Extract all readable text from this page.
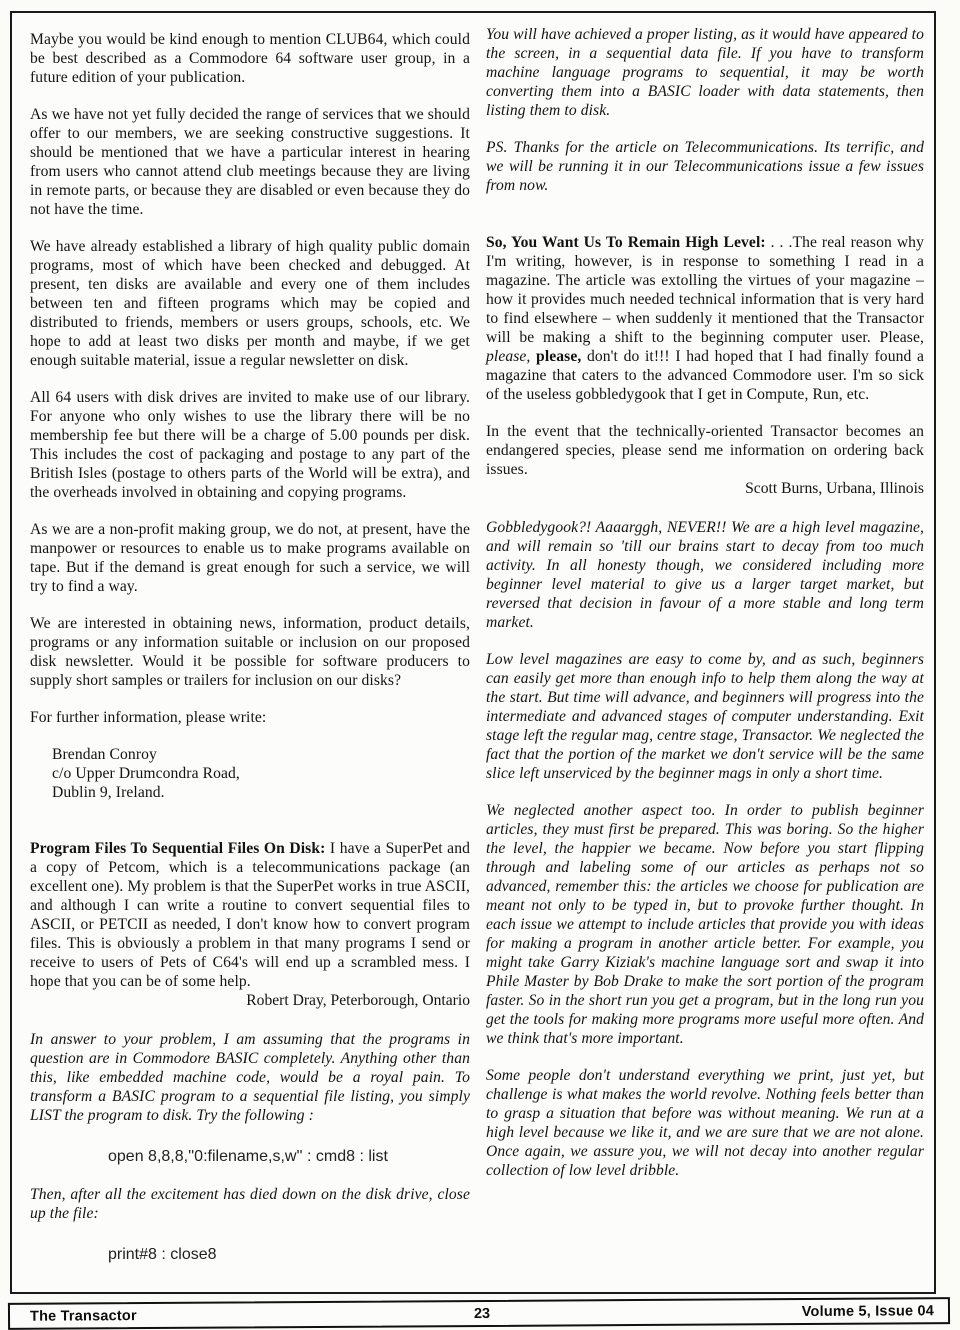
Maybe you would be kind enough to mention CLUB64, which could be best described as a Commodore 64 software user group, in a future edition of your publication.

As we have not yet fully decided the range of services that we should offer to our members, we are seeking constructive suggestions. It should be mentioned that we have a particular interest in hearing from users who cannot attend club meetings because they are living in remote parts, or because they are disabled or even because they do not have the time.

We have already established a library of high quality public domain programs, most of which have been checked and debugged. At present, ten disks are available and every one of them includes between ten and fifteen programs which may be copied and distributed to friends, members or users groups, schools, etc. We hope to add at least two disks per month and maybe, if we get enough suitable material, issue a regular newsletter on disk.

All 64 users with disk drives are invited to make use of our library. For anyone who only wishes to use the library there will be no membership fee but there will be a charge of 5.00 pounds per disk. This includes the cost of packaging and postage to any part of the British Isles (postage to others parts of the World will be extra), and the overheads involved in obtaining and copying programs.

As we are a non-profit making group, we do not, at present, have the manpower or resources to enable us to make programs available on tape. But if the demand is great enough for such a service, we will try to find a way.

We are interested in obtaining news, information, product details, programs or any information suitable or inclusion on our proposed disk newsletter. Would it be possible for software producers to supply short samples or trailers for inclusion on our disks?

For further information, please write:

Brendan Conroy
c/o Upper Drumcondra Road,
Dublin 9, Ireland.

Program Files To Sequential Files On Disk: I have a SuperPet and a copy of Petcom, which is a telecommunications package (an excellent one). My problem is that the SuperPet works in true ASCII, and although I can write a routine to convert sequential files to ASCII, or PETCII as needed, I don't know how to convert program files. This is obviously a problem in that many programs I send or receive to users of Pets of C64's will end up a scrambled mess. I hope that you can be of some help.

Robert Dray, Peterborough, Ontario

In answer to your problem, I am assuming that the programs in question are in Commodore BASIC completely. Anything other than this, like embedded machine code, would be a royal pain. To transform a BASIC program to a sequential file listing, you simply LIST the program to disk. Try the following :

open 8,8,8,''0:filename,s,w'' : cmd8 : list

Then, after all the excitement has died down on the disk drive, close up the file:

print#8 : close8

You will have achieved a proper listing, as it would have appeared to the screen, in a sequential data file. If you have to transform machine language programs to sequential, it may be worth converting them into a BASIC loader with data statements, then listing them to disk.

PS. Thanks for the article on Telecommunications. Its terrific, and we will be running it in our Telecommunications issue a few issues from now.

So, You Want Us To Remain High Level: . . .The real reason why I'm writing, however, is in response to something I read in a magazine. The article was extolling the virtues of your magazine – how it provides much needed technical information that is very hard to find elsewhere – when suddenly it mentioned that the Transactor will be making a shift to the beginning computer user. Please, please, please, don't do it!!! I had hoped that I had finally found a magazine that caters to the advanced Commodore user. I'm so sick of the useless gobbledygook that I get in Compute, Run, etc.

In the event that the technically-oriented Transactor becomes an endangered species, please send me information on ordering back issues.

Scott Burns, Urbana, Illinois

Gobbledygook?! Aaaarggh, NEVER!! We are a high level magazine, and will remain so 'till our brains start to decay from too much activity. In all honesty though, we considered including more beginner level material to give us a larger target market, but reversed that decision in favour of a more stable and long term market.

Low level magazines are easy to come by, and as such, beginners can easily get more than enough info to help them along the way at the start. But time will advance, and beginners will progress into the intermediate and advanced stages of computer understanding. Exit stage left the regular mag, centre stage, Transactor. We neglected the fact that the portion of the market we don't service will be the same slice left unserviced by the beginner mags in only a short time.

We neglected another aspect too. In order to publish beginner articles, they must first be prepared. This was boring. So the higher the level, the happier we became. Now before you start flipping through and labeling some of our articles as perhaps not so advanced, remember this: the articles we choose for publication are meant not only to be typed in, but to provoke further thought. In each issue we attempt to include articles that provide you with ideas for making a program in another article better. For example, you might take Garry Kiziak's machine language sort and swap it into Phile Master by Bob Drake to make the sort portion of the program faster. So in the short run you get a program, but in the long run you get the tools for making more programs more useful more often. And we think that's more important.

Some people don't understand everything we print, just yet, but challenge is what makes the world revolve. Nothing feels better than to grasp a situation that before was without meaning. We run at a high level because we like it, and we are sure that we are not alone. Once again, we assure you, we will not decay into another regular collection of low level dribble.

The Transactor	23	Volume 5, Issue 04
